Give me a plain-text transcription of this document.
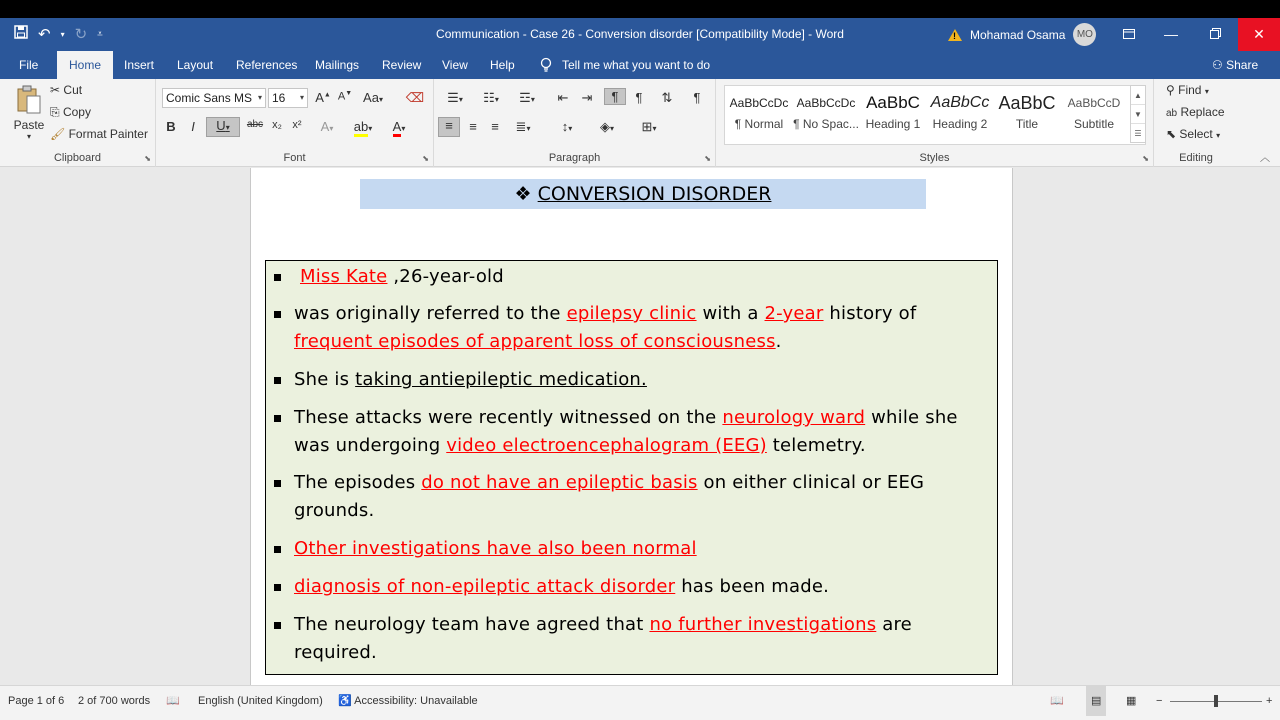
↶ ▾ ↻ ⩡	Communication - Case 26 - Conversion disorder [Compatibility Mode] - Word	! Mohamad Osama	MO	—	✕
File	Home	Insert Layout References Mailings Review View Help	Tell me what you want to do	⚇ Share
Paste
▾
✂ Cut
⎘ Copy
🖌 Format Painter
Clipboard	⬊
Comic Sans MS ▾ 16 ▾ A▲ A▼ Aa▾ ⌫
B	I	U▾	abc x₂ x²	A▾	ab▾	A▾
Font	⬊
☰▾	☷▾	☲▾	⇤	⇥	¶	¶	⇅	¶
≡	≡	≡	≣▾	↕▾	◈▾	⊞▾
Paragraph	⬊
AaBbCcDc
¶ Normal
AaBbCcDc
¶ No Spac...
AaBbC
Heading 1
AaBbCc
Heading 2
AaBbC
Title
AaBbCcD
Subtitle
▲
▼
☰
Styles	⬊
⚲ Find ▾
ab Replace
⬉ Select ▾
Editing	︿
❖ CONVERSION DISORDER
Miss Kate ,26-year-old
was originally referred to the epilepsy clinic with a 2-year history of frequent episodes of apparent loss of consciousness.
She is taking antiepileptic medication.
These attacks were recently witnessed on the neurology ward while she was undergoing video electroencephalogram (EEG) telemetry.
The episodes do not have an epileptic basis on either clinical or EEG grounds.
Other investigations have also been normal
diagnosis of non-epileptic attack disorder has been made.
The neurology team have agreed that no further investigations are required.
Page 1 of 6 2 of 700 words 📖 English (United Kingdom) ♿ Accessibility: Unavailable	📖	▤	▦ −	+
